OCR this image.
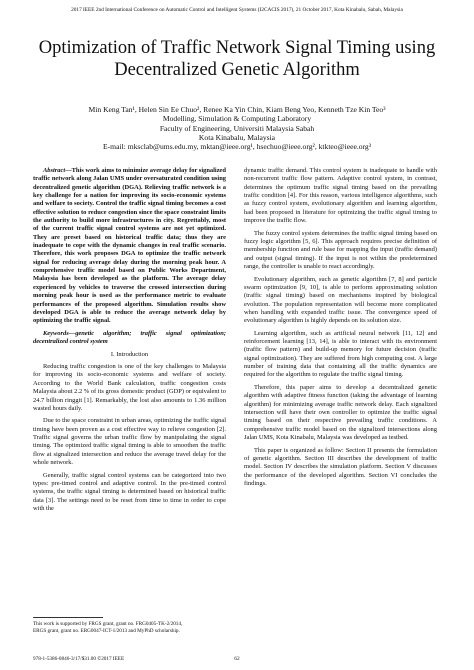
2017 IEEE 2nd International Conference on Automatic Control and Intelligent Systems (I2CACIS 2017), 21 October 2017, Kota Kinabalu, Sabah, Malaysia
Optimization of Traffic Network Signal Timing using
Decentralized Genetic Algorithm
Min Keng Tan¹, Helen Sin Ee Chuo², Renee Ka Yin Chin, Kiam Beng Yeo, Kenneth Tze Kin Teo³
Modelling, Simulation & Computing Laboratory
Faculty of Engineering, Universiti Malaysia Sabah
Kota Kinabalu, Malaysia
E-mail: mksclab@ums.edu.my, mktan@ieee.org¹, hsechuo@ieee.org², ktkteo@ieee.org³

Abstract—This work aims to minimize average delay for signalized traffic network along Jalan UMS under oversaturated condition using decentralized genetic algorithm (DGA). Relieving traffic network is a key challenge for a nation for improving its socio-economic systems and welfare to society. Control the traffic signal timing becomes a cost effective solution to reduce congestion since the space constraint limits the authority to build more infrastructures in city. Regrettably, most of the current traffic signal control systems are not yet optimized. They are preset based on historical traffic data; thus they are inadequate to cope with the dynamic changes in real traffic scenario. Therefore, this work proposes DGA to optimize the traffic network signal for reducing average delay during the morning peak hour. A comprehensive traffic model based on Public Works Department, Malaysia has been developed as the platform. The average delay experienced by vehicles to traverse the crossed intersection during morning peak hour is used as the performance metric to evaluate performances of the proposed algorithm. Simulation results show developed DGA is able to reduce the average network delay by optimizing the traffic signal.

Keywords—genetic algorithm; traffic signal optimization; decentralized control system

I. Introduction

Reducing traffic congestion is one of the key challenges to Malaysia for improving its socio-economic systems and welfare of society. According to the World Bank calculation, traffic congestion costs Malaysia about 2.2 % of its gross domestic product (GDP) or equivalent to 24.7 billion ringgit [1]. Remarkably, the lost also amounts to 1.36 million wasted hours daily.

Due to the space constraint in urban areas, optimizing the traffic signal timing have been proven as a cost effective way to relieve congestion [2]. Traffic signal governs the urban traffic flow by manipulating the signal timing. The optimized traffic signal timing is able to smoothen the traffic flow at signalized intersection and reduce the average travel delay for the whole network.

Generally, traffic signal control systems can be categorized into two types: pre-timed control and adaptive control. In the pre-timed control systems, the traffic signal timing is determined based on historical traffic data [3]. The settings need to be reset from time to time in order to cope with the

dynamic traffic demand. This control system is inadequate to handle with non-recurrent traffic flow pattern. Adaptive control system, in contrast, determines the optimum traffic signal timing based on the prevailing traffic condition [4]. For this reason, various intelligence algorithms, such as fuzzy control system, evolutionary algorithm and learning algorithm, had been proposed in literature for optimizing the traffic signal timing to improve the traffic flow.

The fuzzy control system determines the traffic signal timing based on fuzzy logic algorithm [5, 6]. This approach requires precise definition of membership function and rule base for mapping the input (traffic demand) and output (signal timing). If the input is not within the predetermined range, the controller is unable to react accordingly.

Evolutionary algorithm, such as genetic algorithm [7, 8] and particle swarm optimization [9, 10], is able to perform approximating solution (traffic signal timing) based on mechanisms inspired by biological evolution. The population representation will become more complicated when handling with expanded traffic issue. The convergence speed of evolutionary algorithm is highly depends on its solution size.

Learning algorithm, such as artificial neural network [11, 12] and reinforcement learning [13, 14], is able to interact with its environment (traffic flow pattern) and build-up memory for future decision (traffic signal optimization). They are suffered from high computing cost. A large number of training data that containing all the traffic dynamics are required for the algorithm to regulate the traffic signal timing.

Therefore, this paper aims to develop a decentralized genetic algorithm with adaptive fitness function (taking the advantage of learning algorithm) for minimizing average traffic network delay. Each signalized intersection will have their own controller to optimize the traffic signal timing based on their respective prevailing traffic conditions. A comprehensive traffic model based on the signalized intersections along Jalan UMS, Kota Kinabalu, Malaysia was developed as testbed.

This paper is organized as follow: Section II presents the formulation of genetic algorithm. Section III describes the development of traffic model. Section IV describes the simulation platform. Section V discusses the performance of the developed algorithm. Section VI concludes the findings.

This work is supported by FRGS grant, grant no. FRG0405-TK-2/2014,
ERGS grant, grant no. ERG0047-ICT-1/2013 and MyPhD scholarship.
978-1-5386-0846-3/17/$31.00 ©2017 IEEE	62
